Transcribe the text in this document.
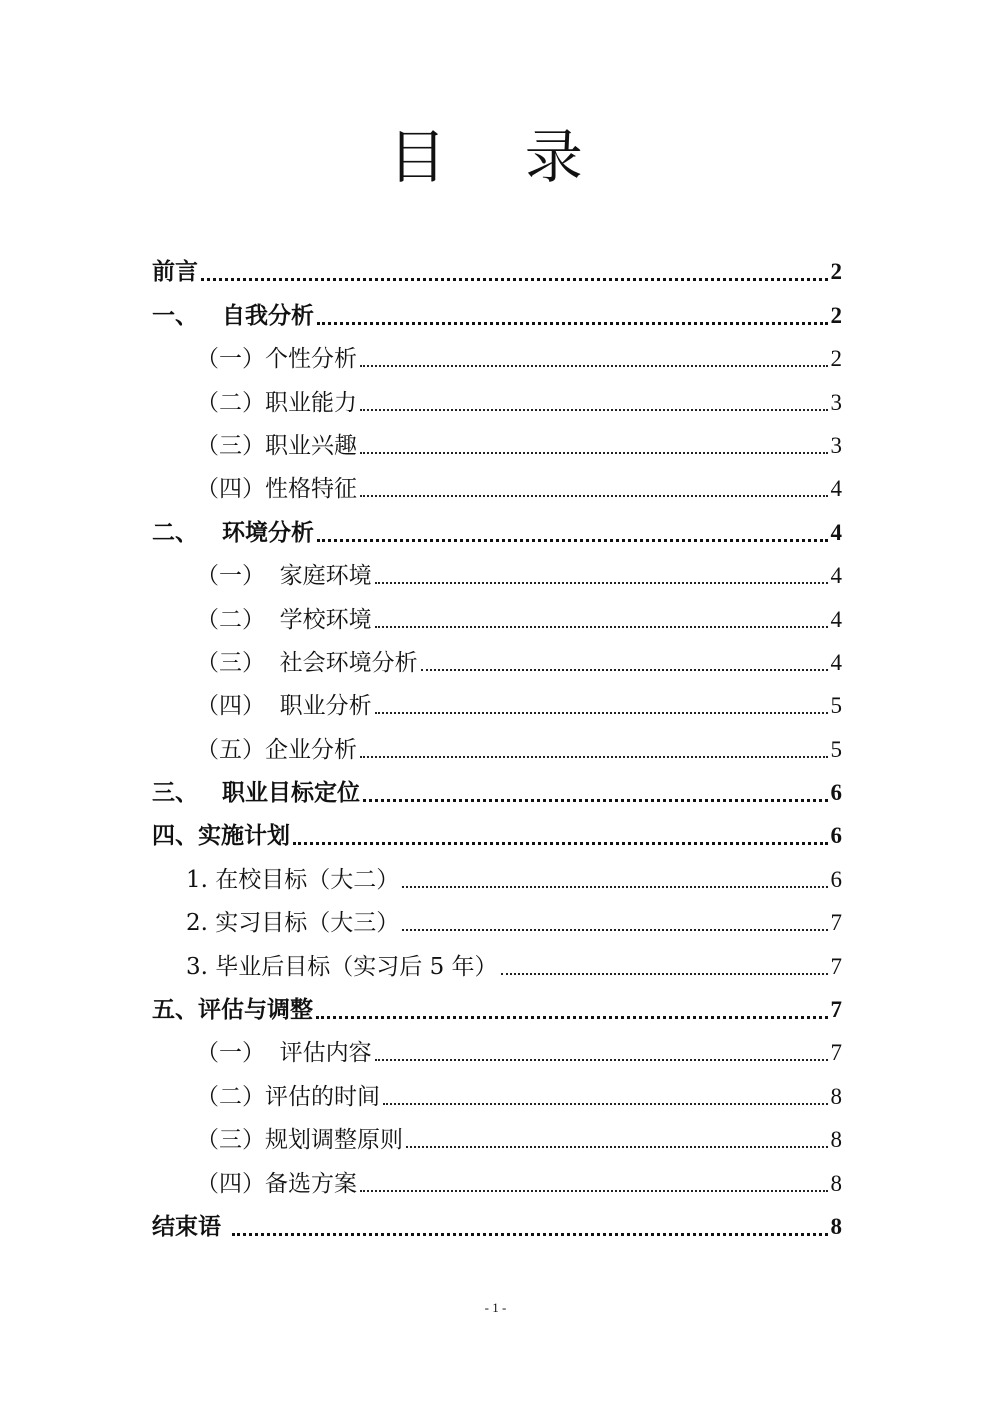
目 录
前言	2
一、   自我分析	2
（一）个性分析	2
（二）职业能力	3
（三）职业兴趣	3
（四）性格特征	4
二、   环境分析	4
（一）  家庭环境	4
（二）  学校环境	4
（三）  社会环境分析	4
（四）  职业分析	5
（五）企业分析	5
三、   职业目标定位	6
四、实施计划	6
1. 在校目标（大二）	6
2. 实习目标（大三）	7
3. 毕业后目标（实习后 5 年）	7
五、评估与调整	7
（一）  评估内容	7
（二）评估的时间	8
（三）规划调整原则	8
（四）备选方案	8
结束语	8
- 1 -
